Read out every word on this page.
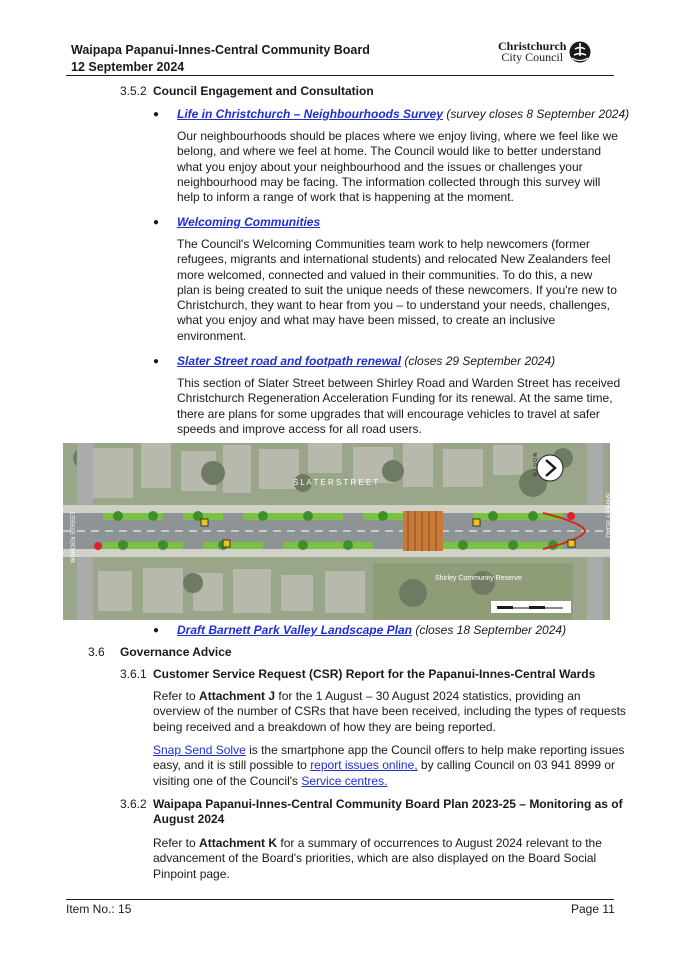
Waipapa Papanui-Innes-Central Community Board
12 September 2024
Christchurch
City Council
3.5.2 Council Engagement and Consultation
● Life in Christchurch – Neighbourhoods Survey (survey closes 8 September 2024)
Our neighbourhoods should be places where we enjoy living, where we feel like we
belong, and where we feel at home. The Council would like to better understand
what you enjoy about your neighbourhood and the issues or challenges your
neighbourhood may be facing. The information collected through this survey will
help to inform a range of work that is happening at the moment.
● Welcoming Communities
The Council's Welcoming Communities team work to help newcomers (former
refugees, migrants and international students) and relocated New Zealanders feel
more welcomed, connected and valued in their communities. To do this, a new
plan is being created to suit the unique needs of these newcomers. If you're new to
Christchurch, they want to hear from you – to understand your needs, challenges,
what you enjoy and what may have been missed, to create an inclusive
environment.
● Slater Street road and footpath renewal (closes 29 September 2024)
This section of Slater Street between Shirley Road and Warden Street has received
Christchurch Regeneration Acceleration Funding for its renewal. At the same time,
there are plans for some upgrades that will encourage vehicles to travel at safer
speeds and improve access for all road users.
S L A T E R S T R E E T
WARDEN STREET	SHIRLEY ROAD
Shirley Community Reserve
N O R T H
● Draft Barnett Park Valley Landscape Plan (closes 18 September 2024)
3.6 Governance Advice
3.6.1 Customer Service Request (CSR) Report for the Papanui-Innes-Central Wards
Refer to Attachment J for the 1 August – 30 August 2024 statistics, providing an
overview of the number of CSRs that have been received, including the types of requests
being received and a breakdown of how they are being reported.
Snap Send Solve is the smartphone app the Council offers to help make reporting issues
easy, and it is still possible to report issues online, by calling Council on 03 941 8999 or
visiting one of the Council's Service centres.
3.6.2 Waipapa Papanui-Innes-Central Community Board Plan 2023-25 – Monitoring as of
August 2024
Refer to Attachment K for a summary of occurrences to August 2024 relevant to the
advancement of the Board's priorities, which are also displayed on the Board Social
Pinpoint page.
Item No.: 15	Page 11
